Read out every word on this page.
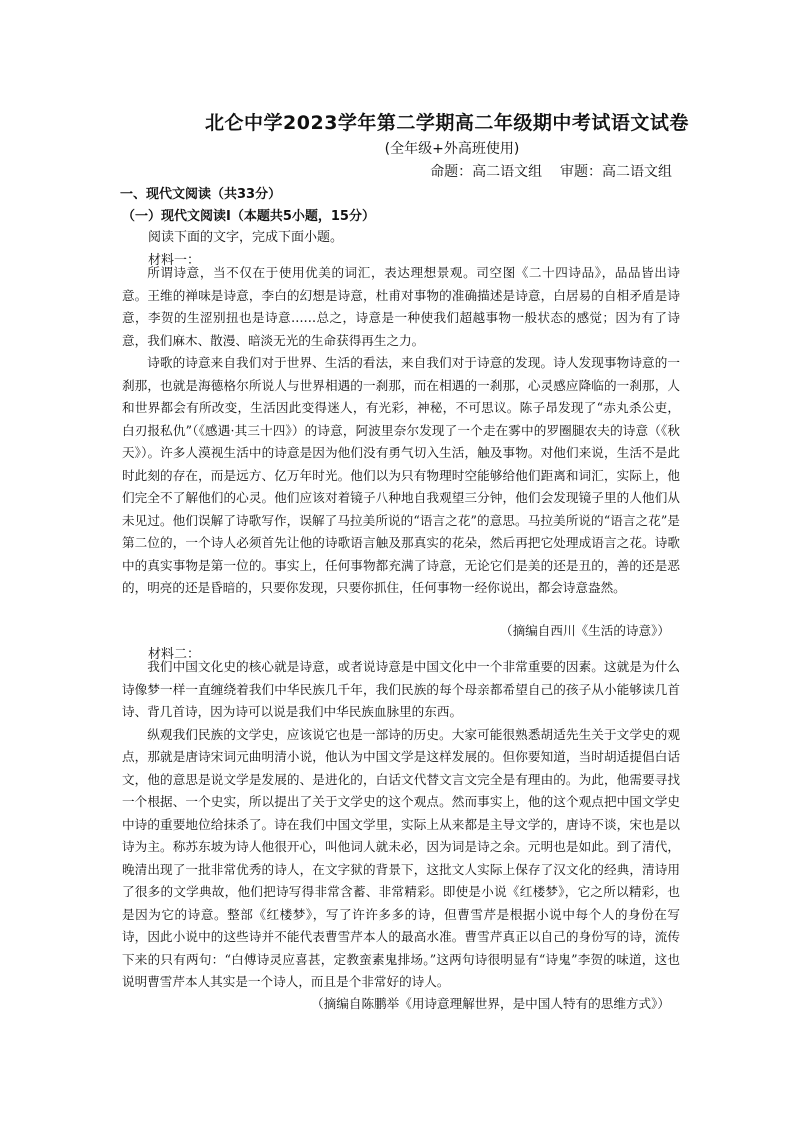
北仑中学2023学年第二学期高二年级期中考试语文试卷
(全年级+外高班使用)
命题：高二语文组    审题：高二语文组
一、现代文阅读（共33分）
（一）现代文阅读Ⅰ（本题共5小题，15分）
阅读下面的文字，完成下面小题。
材料一：

所谓诗意，当不仅在于使用优美的词汇，表达理想景观。司空图《二十四诗品》，品品皆出诗意。王维的禅味是诗意，李白的幻想是诗意，杜甫对事物的准确描述是诗意，白居易的自相矛盾是诗意，李贺的生涩别扭也是诗意……总之，诗意是一种使我们超越事物一般状态的感觉；因为有了诗意，我们麻木、散漫、暗淡无光的生命获得再生之力。

诗歌的诗意来自我们对于世界、生活的看法，来自我们对于诗意的发现。诗人发现事物诗意的一刹那，也就是海德格尔所说人与世界相遇的一刹那，而在相遇的一刹那，心灵感应降临的一刹那，人和世界都会有所改变，生活因此变得迷人，有光彩，神秘，不可思议。陈子昂发现了“赤丸杀公吏，白刃报私仇”（《感遇·其三十四》）的诗意，阿波里奈尔发现了一个走在雾中的罗圈腿农夫的诗意（《秋天》）。许多人漠视生活中的诗意是因为他们没有勇气切入生活，触及事物。对他们来说，生活不是此时此刻的存在，而是远方、亿万年时光。他们以为只有物理时空能够给他们距离和词汇，实际上，他们完全不了解他们的心灵。他们应该对着镜子八种地自我观望三分钟，他们会发现镜子里的人他们从未见过。他们误解了诗歌写作，误解了马拉美所说的“语言之花”的意思。马拉美所说的“语言之花”是第二位的，一个诗人必须首先让他的诗歌语言触及那真实的花朵，然后再把它处理成语言之花。诗歌中的真实事物是第一位的。事实上，任何事物都充满了诗意，无论它们是美的还是丑的，善的还是恶的，明亮的还是昏暗的，只要你发现，只要你抓住，任何事物一经你说出，都会诗意盎然。

（摘编自西川《生活的诗意》）
材料二：

我们中国文化史的核心就是诗意，或者说诗意是中国文化中一个非常重要的因素。这就是为什么诗像梦一样一直缠绕着我们中华民族几千年，我们民族的每个母亲都希望自己的孩子从小能够读几首诗、背几首诗，因为诗可以说是我们中华民族血脉里的东西。

纵观我们民族的文学史，应该说它也是一部诗的历史。大家可能很熟悉胡适先生关于文学史的观点，那就是唐诗宋词元曲明清小说，他认为中国文学是这样发展的。但你要知道，当时胡适提倡白话文，他的意思是说文学是发展的、是进化的，白话文代替文言文完全是有理由的。为此，他需要寻找一个根据、一个史实，所以提出了关于文学史的这个观点。然而事实上，他的这个观点把中国文学史中诗的重要地位给抹杀了。诗在我们中国文学里，实际上从来都是主导文学的，唐诗不谈，宋也是以诗为主。称苏东坡为诗人他很开心，叫他词人就未必，因为词是诗之余。元明也是如此。到了清代，晚清出现了一批非常优秀的诗人，在文字狱的背景下，这批文人实际上保存了汉文化的经典，清诗用了很多的文学典故，他们把诗写得非常含蓄、非常精彩。即使是小说《红楼梦》，它之所以精彩，也是因为它的诗意。整部《红楼梦》，写了许许多多的诗，但曹雪芹是根据小说中每个人的身份在写诗，因此小说中的这些诗并不能代表曹雪芹本人的最高水准。曹雪芹真正以自己的身份写的诗，流传下来的只有两句：“白傅诗灵应喜甚，定教蛮素鬼排场。”这两句诗很明显有“诗鬼”李贺的味道，这也说明曹雪芹本人其实是一个诗人，而且是个非常好的诗人。

（摘编自陈鹏举《用诗意理解世界，是中国人特有的思维方式》）
